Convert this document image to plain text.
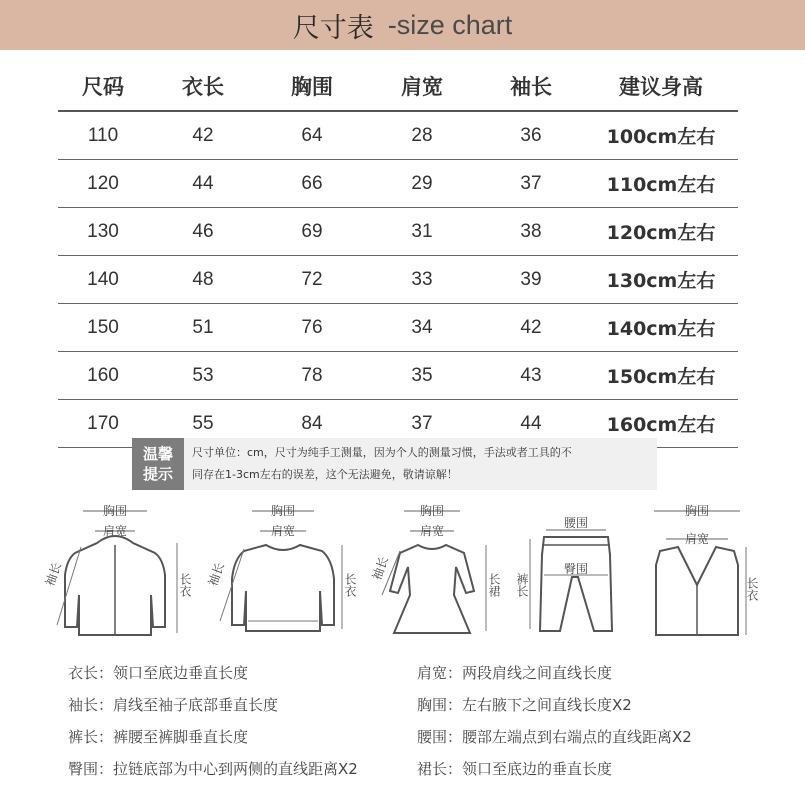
尺寸表 -size chart
尺码	衣长	胸围	肩宽	袖长	建议身高
110	42	64	28	36	100cm左右
120	44	66	29	37	110cm左右
130	46	69	31	38	120cm左右
140	48	72	33	39	130cm左右
150	51	76	34	42	140cm左右
160	53	78	35	43	150cm左右
170	55	84	37	44	160cm左右
温馨
提示
尺寸单位：cm，尺寸为纯手工测量，因为个人的测量习惯，手法或者工具的不
同存在1-3cm左右的误差，这个无法避免，敬请谅解！
胸围
肩宽
袖长	长衣
胸围
肩宽
袖长	长衣
胸围
肩宽
袖长
长裙
腰围
臀围
裤长
胸围
肩宽
长衣
衣长：领口至底边垂直长度	肩宽：两段肩线之间直线长度
袖长：肩线至袖子底部垂直长度	胸围：左右腋下之间直线长度X2
裤长：裤腰至裤脚垂直长度	腰围：腰部左端点到右端点的直线距离X2
臀围：拉链底部为中心到两侧的直线距离X2	裙长：领口至底边的垂直长度
